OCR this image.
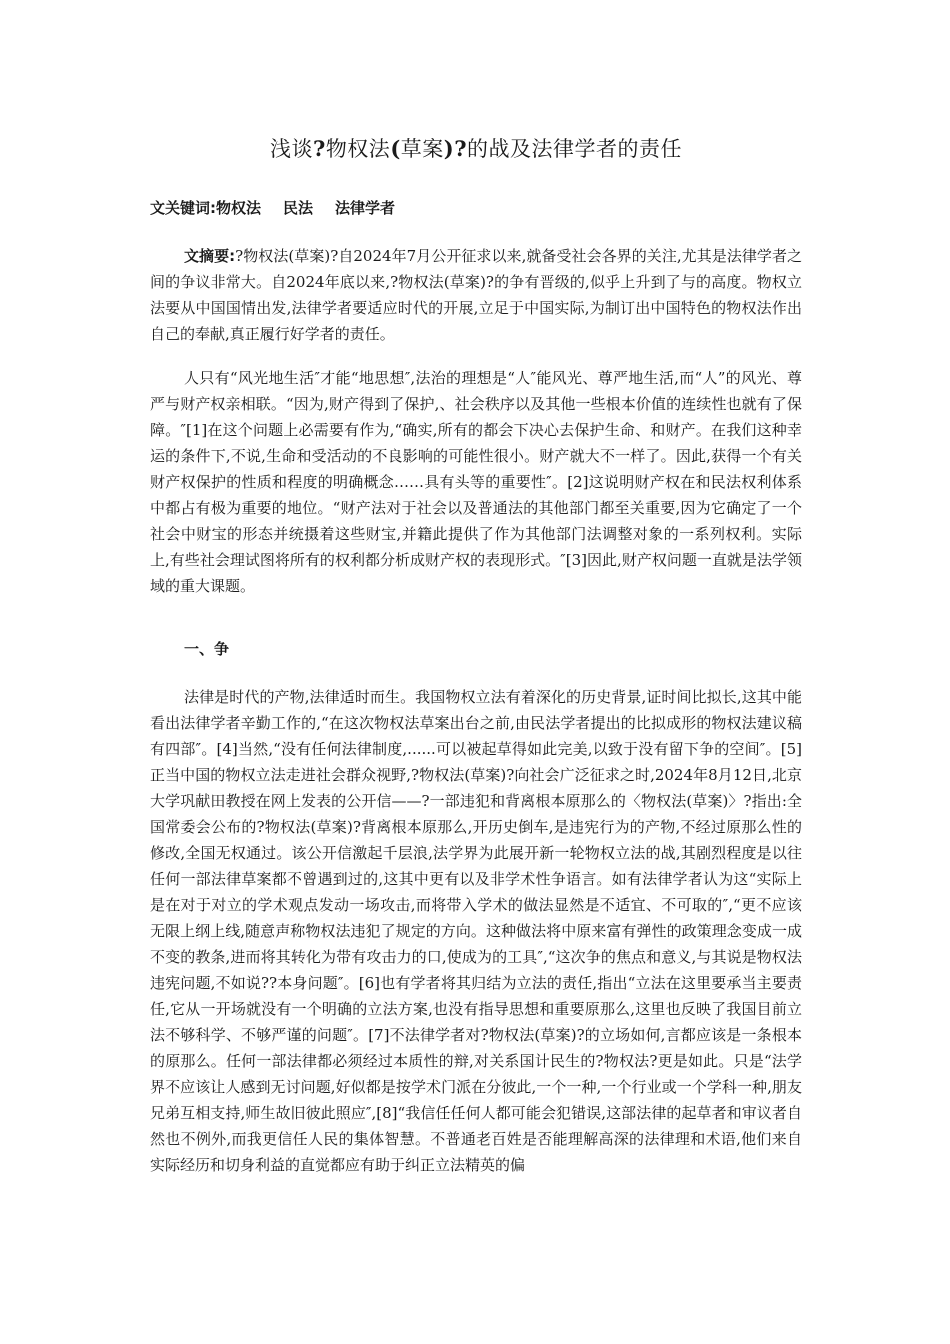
浅谈?物权法(草案)?的战及法律学者的责任
文关键词:物权法 民法 法律学者
文摘要:?物权法(草案)?自2024年7月公开征求以来,就备受社会各界的关注,尤其是法律学者之间的争议非常大。自2024年底以来,?物权法(草案)?的争有晋级的,似乎上升到了与的高度。物权立法要从中国国情出发,法律学者要适应时代的开展,立足于中国实际,为制订出中国特色的物权法作出自己的奉献,真正履行好学者的责任。

人只有“风光地生活″才能“地思想″,法治的理想是“人″能风光、尊严地生活,而“人”的风光、尊严与财产权亲相联。“因为,财产得到了保护,、社会秩序以及其他一些根本价值的连续性也就有了保障。″[1]在这个问题上必需要有作为,“确实,所有的都会下决心去保护生命、和财产。在我们这种幸运的条件下,不说,生命和受活动的不良影响的可能性很小。财产就大不一样了。因此,获得一个有关财产权保护的性质和程度的明确概念……具有头等的重要性″。[2]这说明财产权在和民法权利体系中都占有极为重要的地位。“财产法对于社会以及普通法的其他部门都至关重要,因为它确定了一个社会中财宝的形态并统摄着这些财宝,并籍此提供了作为其他部门法调整对象的一系列权利。实际上,有些社会理试图将所有的权利都分析成财产权的表现形式。″[3]因此,财产权问题一直就是法学领域的重大课题。

一、争

法律是时代的产物,法律适时而生。我国物权立法有着深化的历史背景,证时间比拟长,这其中能看出法律学者辛勤工作的,“在这次物权法草案出台之前,由民法学者提出的比拟成形的物权法建议稿有四部″。[4]当然,“没有任何法律制度,......可以被起草得如此完美,以致于没有留下争的空间″。[5]正当中国的物权立法走进社会群众视野,?物权法(草案)?向社会广泛征求之时,2024年8月12日,北京大学巩献田教授在网上发表的公开信——?一部违犯和背离根本原那么的〈物权法(草案)〉?指出:全国常委会公布的?物权法(草案)?背离根本原那么,开历史倒车,是违宪行为的产物,不经过原那么性的修改,全国无权通过。该公开信激起千层浪,法学界为此展开新一轮物权立法的战,其剧烈程度是以往任何一部法律草案都不曾遇到过的,这其中更有以及非学术性争语言。如有法律学者认为这“实际上是在对于对立的学术观点发动一场攻击,而将带入学术的做法显然是不适宜、不可取的″,“更不应该无限上纲上线,随意声称物权法违犯了规定的方向。这种做法将中原来富有弹性的政策理念变成一成不变的教条,进而将其转化为带有攻击力的口,使成为的工具″,“这次争的焦点和意义,与其说是物权法违宪问题,不如说??本身问题″。[6]也有学者将其归结为立法的责任,指出“立法在这里要承当主要责任,它从一开场就没有一个明确的立法方案,也没有指导思想和重要原那么,这里也反映了我国目前立法不够科学、不够严谨的问题″。[7]不法律学者对?物权法(草案)?的立场如何,言都应该是一条根本的原那么。任何一部法律都必须经过本质性的辩,对关系国计民生的?物权法?更是如此。只是“法学界不应该让人感到无讨问题,好似都是按学术门派在分彼此,一个一种,一个行业或一个学科一种,朋友兄弟互相支持,师生故旧彼此照应″,[8]“我信任任何人都可能会犯错误,这部法律的起草者和审议者自然也不例外,而我更信任人民的集体智慧。不普通老百姓是否能理解高深的法律理和术语,他们来自实际经历和切身利益的直觉都应有助于纠正立法精英的偏
